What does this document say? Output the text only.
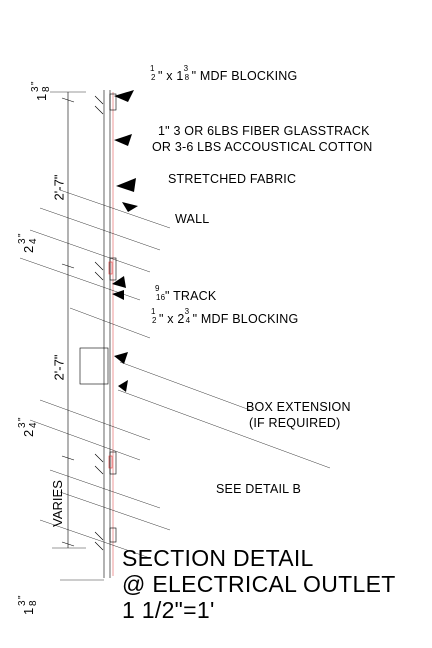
1
2 " x 1
3
8 " MDF BLOCKING
1" 3 OR 6LBS FIBER GLASSTRACK
OR 3-6 LBS ACCOUSTICAL COTTON
STRETCHED FABRIC
WALL
9
16 " TRACK
1
2 " x 2
3
4 " MDF BLOCKING
BOX EXTENSION
(IF REQUIRED)
SEE DETAIL B
1
3 8
"
2'-7"
2
3 4
"
2'-7"
2
3 4
"
VARIES
1
3 8
"
SECTION DETAIL
@ ELECTRICAL OUTLET
1 1/2"=1'
